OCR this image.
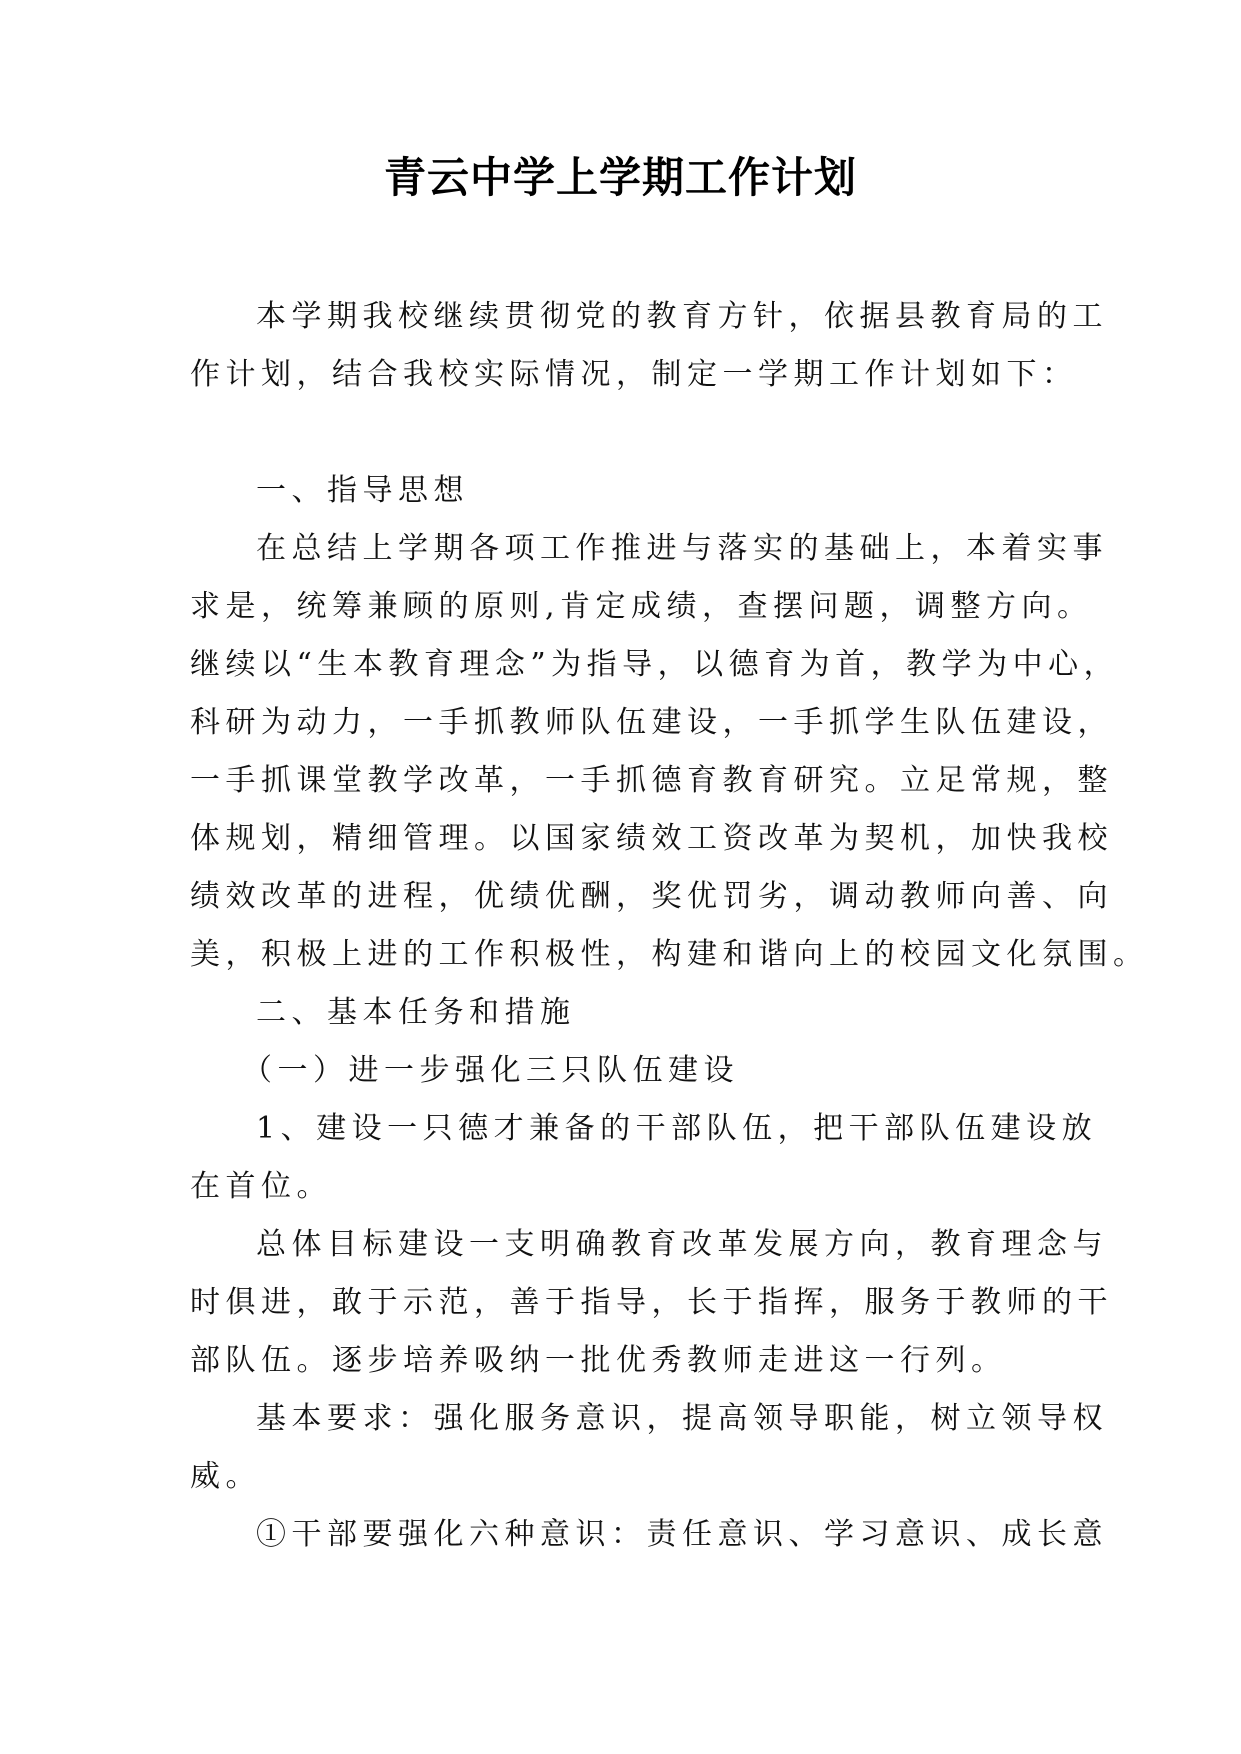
青云中学上学期工作计划
本学期我校继续贯彻党的教育方针，依据县教育局的工
作计划，结合我校实际情况，制定一学期工作计划如下：
一、指导思想
在总结上学期各项工作推进与落实的基础上，本着实事
求是，统筹兼顾的原则,肯定成绩，查摆问题，调整方向。
继续以“生本教育理念”为指导，以德育为首，教学为中心，
科研为动力，一手抓教师队伍建设，一手抓学生队伍建设，
一手抓课堂教学改革，一手抓德育教育研究。立足常规，整
体规划，精细管理。以国家绩效工资改革为契机，加快我校
绩效改革的进程，优绩优酬，奖优罚劣，调动教师向善、向
美，积极上进的工作积极性，构建和谐向上的校园文化氛围。
二、基本任务和措施
（一）进一步强化三只队伍建设
1、建设一只德才兼备的干部队伍，把干部队伍建设放
在首位。
总体目标建设一支明确教育改革发展方向，教育理念与
时俱进，敢于示范，善于指导，长于指挥，服务于教师的干
部队伍。逐步培养吸纳一批优秀教师走进这一行列。
基本要求：强化服务意识，提高领导职能，树立领导权
威。
①干部要强化六种意识：责任意识、学习意识、成长意
